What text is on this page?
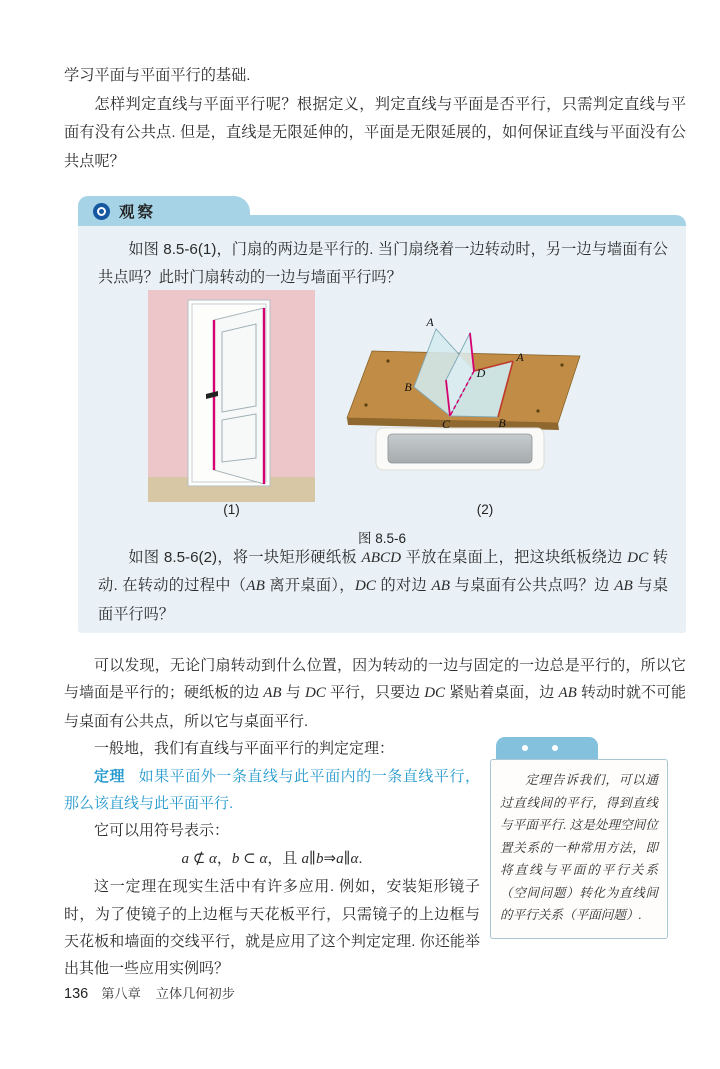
学习平面与平面平行的基础.

怎样判定直线与平面平行呢？根据定义，判定直线与平面是否平行，只需判定直线与平面有没有公共点. 但是，直线是无限延伸的，平面是无限延展的，如何保证直线与平面没有公共点呢？

观察

如图 8.5-6(1)，门扇的两边是平行的. 当门扇绕着一边转动时，另一边与墙面有公共点吗？此时门扇转动的一边与墙面平行吗？

A
B
A
B
C
D
(1)	(2)
图 8.5-6

如图 8.5-6(2)，将一块矩形硬纸板 ABCD 平放在桌面上，把这块纸板绕边 DC 转动. 在转动的过程中（AB 离开桌面），DC 的对边 AB 与桌面有公共点吗？边 AB 与桌面平行吗？

可以发现，无论门扇转动到什么位置，因为转动的一边与固定的一边总是平行的，所以它与墙面是平行的；硬纸板的边 AB 与 DC 平行，只要边 DC 紧贴着桌面，边 AB 转动时就不可能与桌面有公共点，所以它与桌面平行.

一般地，我们有直线与平面平行的判定定理：

定理 如果平面外一条直线与此平面内的一条直线平行，那么该直线与此平面平行.

它可以用符号表示：

a ⊄ α，b ⊂ α，且 a∥b⇒a∥α.

这一定理在现实生活中有许多应用. 例如，安装矩形镜子时，为了使镜子的上边框与天花板平行，只需镜子的上边框与天花板和墙面的交线平行，就是应用了这个判定定理. 你还能举出其他一些应用实例吗？

定理告诉我们，可以通过直线间的平行，得到直线与平面平行. 这是处理空间位置关系的一种常用方法，即将直线与平面的平行关系（空间问题）转化为直线间的平行关系（平面问题）.

136 第八章 立体几何初步
